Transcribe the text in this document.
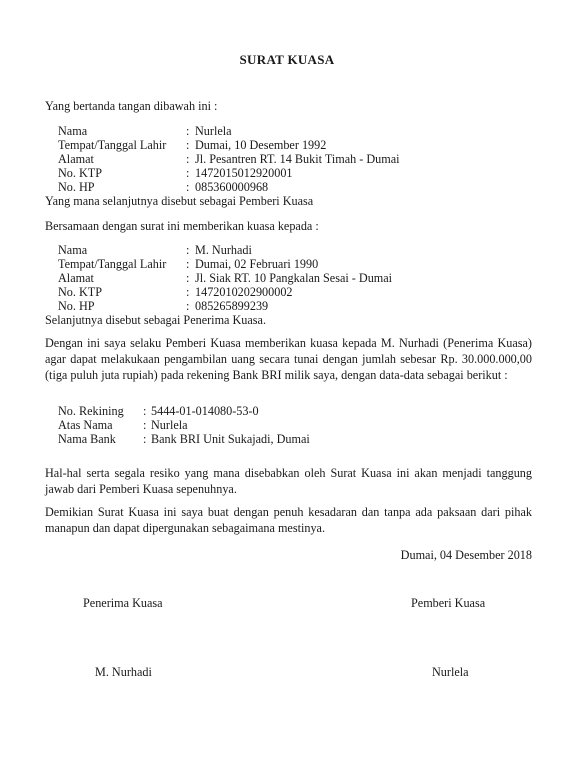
SURAT KUASA
Yang bertanda tangan dibawah ini :
Nama	: Nurlela
Tempat/Tanggal Lahir : Dumai, 10 Desember 1992
Alamat	: Jl. Pesantren RT. 14 Bukit Timah - Dumai
No. KTP	: 1472015012920001
No. HP	: 085360000968
Yang mana selanjutnya disebut sebagai Pemberi Kuasa
Bersamaan dengan surat ini memberikan kuasa kepada :
Nama	: M. Nurhadi
Tempat/Tanggal Lahir : Dumai, 02 Februari 1990
Alamat	: Jl. Siak RT. 10 Pangkalan Sesai - Dumai
No. KTP	: 1472010202900002
No. HP	: 085265899239
Selanjutnya disebut sebagai Penerima Kuasa.
Dengan ini saya selaku Pemberi Kuasa memberikan kuasa kepada M. Nurhadi (Penerima Kuasa) agar dapat melakukaan pengambilan uang secara tunai dengan jumlah sebesar Rp. 30.000.000,00 (tiga puluh juta rupiah) pada rekening Bank BRI milik saya, dengan data-data sebagai berikut :
No. Rekining : 5444-01-014080-53-0
Atas Nama	: Nurlela
Nama Bank : Bank BRI Unit Sukajadi, Dumai
Hal-hal serta segala resiko yang mana disebabkan oleh Surat Kuasa ini akan menjadi tanggung jawab dari Pemberi Kuasa sepenuhnya.
Demikian Surat Kuasa ini saya buat dengan penuh kesadaran dan tanpa ada paksaan dari pihak manapun dan dapat dipergunakan sebagaimana mestinya.
Dumai, 04 Desember 2018
Penerima Kuasa	Pemberi Kuasa
M. Nurhadi	Nurlela
